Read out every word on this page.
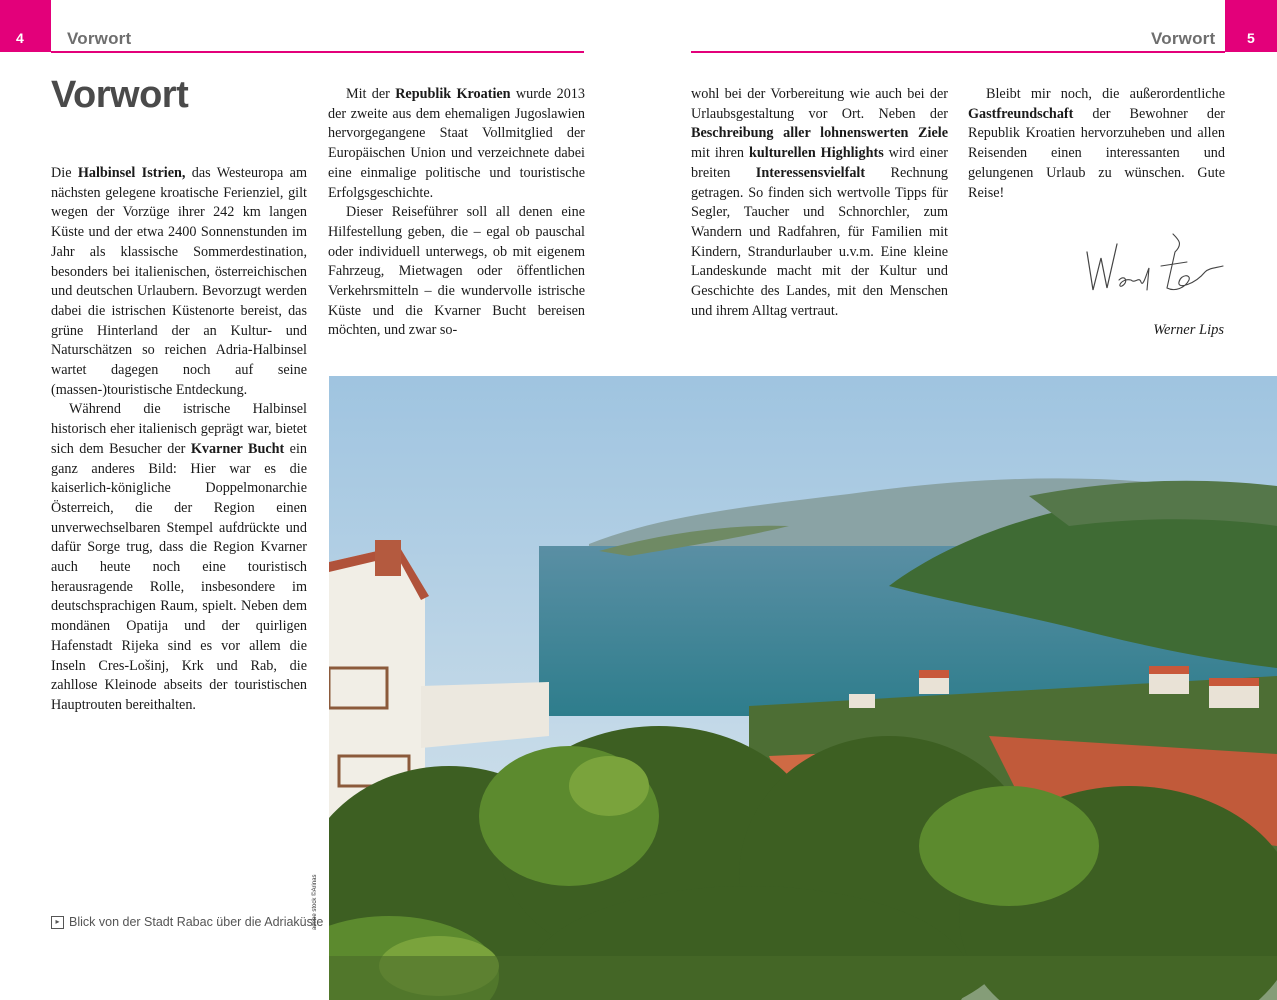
4	Vorwort	5
Vorwort
Vorwort

Die Halbinsel Istrien, das Westeuropa am nächsten gelegene kroatische Ferienziel, gilt wegen der Vorzüge ihrer 242 km langen Küste und der etwa 2400 Sonnenstunden im Jahr als klassische Sommerdestination, besonders bei italienischen, österreichischen und deutschen Urlaubern. Bevorzugt werden dabei die istrischen Küstenorte bereist, das grüne Hinterland der an Kultur- und Naturschätzen so reichen Adria-Halbinsel wartet dagegen noch auf seine (massen-)touristische Entdeckung.

Während die istrische Halbinsel historisch eher italienisch geprägt war, bietet sich dem Besucher der Kvarner Bucht ein ganz anderes Bild: Hier war es die kaiserlich-königliche Doppelmonarchie Österreich, die der Region einen unverwechselbaren Stempel aufdrückte und dafür Sorge trug, dass die Region Kvarner auch heute noch eine touristisch herausragende Rolle, insbesondere im deutschsprachigen Raum, spielt. Neben dem mondänen Opatija und der quirligen Hafenstadt Rijeka sind es vor allem die Inseln Cres-Lošinj, Krk und Rab, die zahllose Kleinode abseits der touristischen Hauptrouten bereithalten.

Mit der Republik Kroatien wurde 2013 der zweite aus dem ehemaligen Jugoslawien hervorgegangene Staat Vollmitglied der Europäischen Union und verzeichnete dabei eine einmalige politische und touristische Erfolgsgeschichte.

Dieser Reiseführer soll all denen eine Hilfestellung geben, die – egal ob pauschal oder individuell unterwegs, ob mit eigenem Fahrzeug, Mietwagen oder öffentlichen Verkehrsmitteln – die wundervolle istrische Küste und die Kvarner Bucht bereisen möchten, und zwar so-

wohl bei der Vorbereitung wie auch bei der Urlaubsgestaltung vor Ort. Neben der Beschreibung aller lohnenswerten Ziele mit ihren kulturellen Highlights wird einer breiten Interessensvielfalt Rechnung getragen. So finden sich wertvolle Tipps für Segler, Taucher und Schnorchler, zum Wandern und Radfahren, für Familien mit Kindern, Strandurlauber u.v.m. Eine kleine Landeskunde macht mit der Kultur und Geschichte des Landes, mit den Menschen und ihrem Alltag vertraut.

Bleibt mir noch, die außerordentliche Gastfreundschaft der Bewohner der Republik Kroatien hervorzuheben und allen Reisenden einen interessanten und gelungenen Urlaub zu wünschen. Gute Reise!

Werner Lips
adobe stock ©Arinas
▸ Blick von der Stadt Rabac über die Adriaküste
